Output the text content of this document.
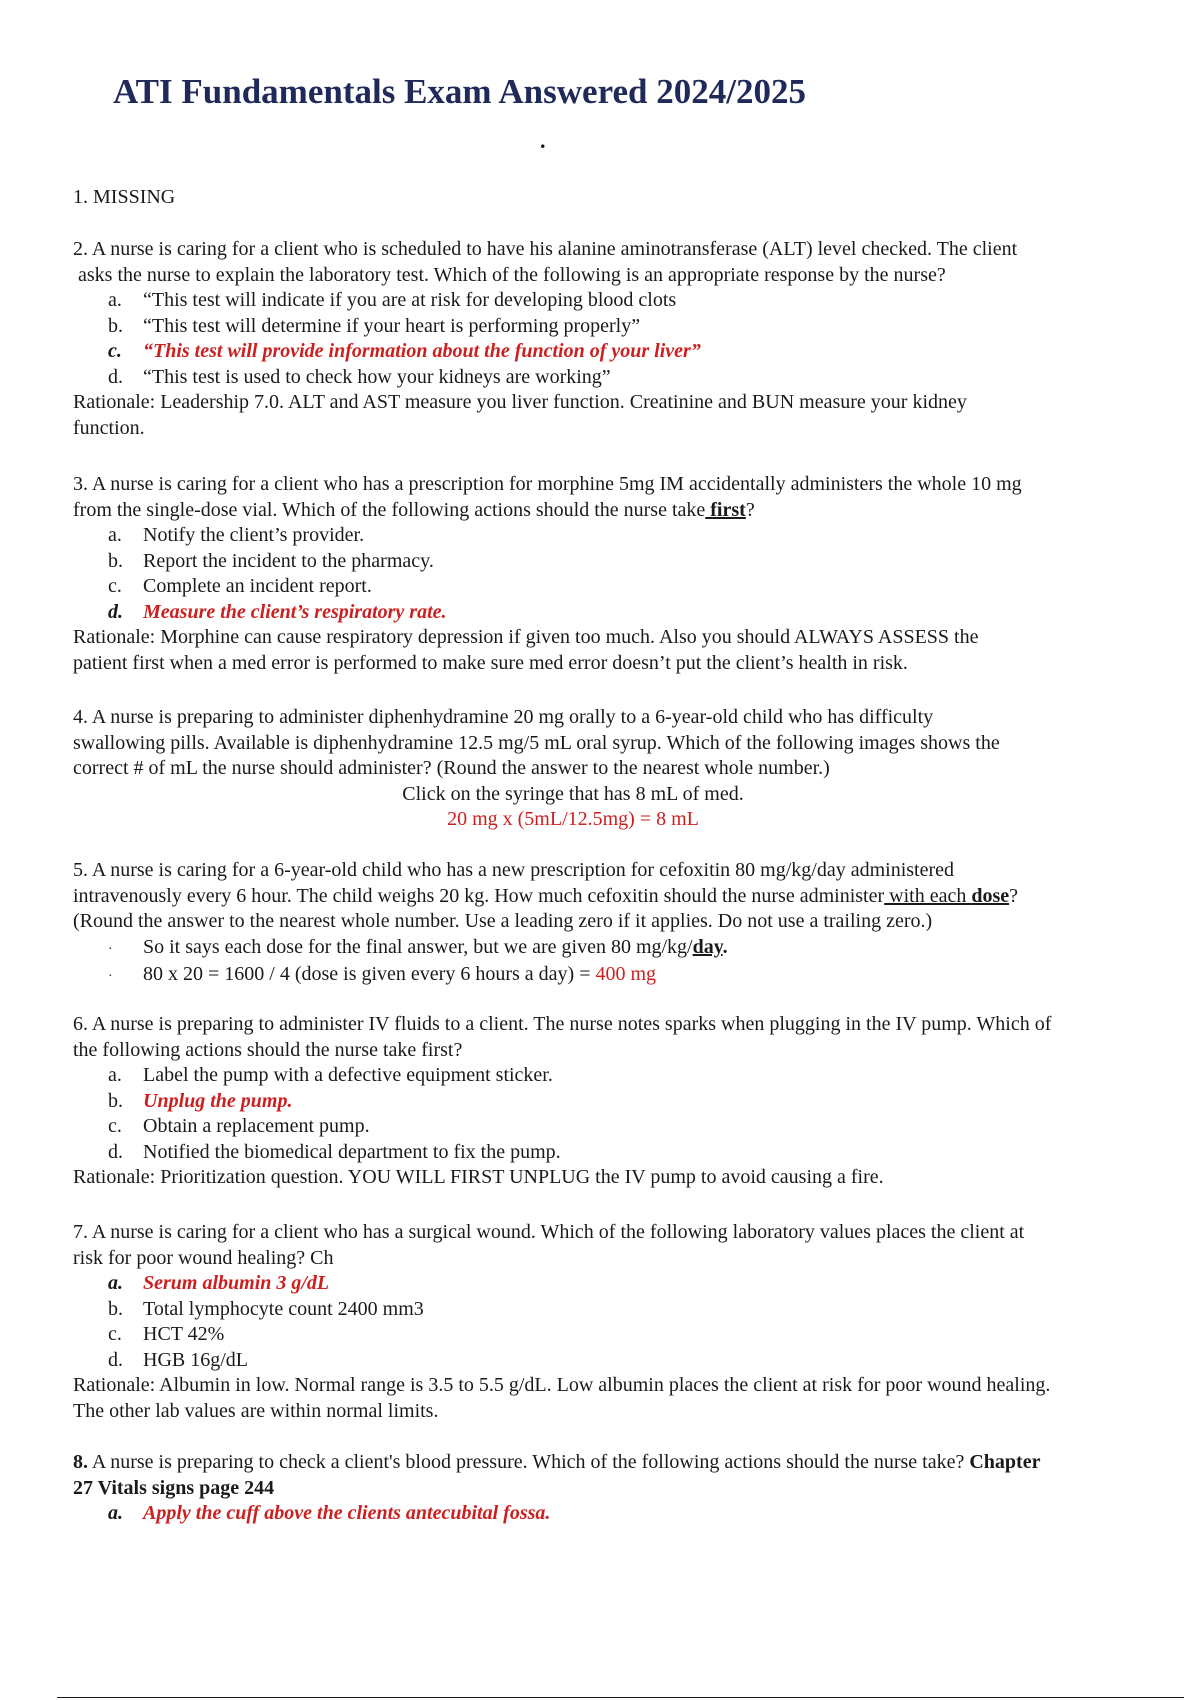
ATI Fundamentals Exam Answered 2024/2025
.

1. MISSING

2. A nurse is caring for a client who is scheduled to have his alanine aminotransferase (ALT) level checked. The client

asks the nurse to explain the laboratory test. Which of the following is an appropriate response by the nurse?

a. “This test will indicate if you are at risk for developing blood clots

b. “This test will determine if your heart is performing properly”

c. “This test will provide information about the function of your liver”

d. “This test is used to check how your kidneys are working”

Rationale: Leadership 7.0. ALT and AST measure you liver function. Creatinine and BUN measure your kidney

function.

3. A nurse is caring for a client who has a prescription for morphine 5mg IM accidentally administers the whole 10 mg

from the single-dose vial. Which of the following actions should the nurse take first?

a. Notify the client’s provider.

b. Report the incident to the pharmacy.

c. Complete an incident report.

d. Measure the client’s respiratory rate.

Rationale: Morphine can cause respiratory depression if given too much. Also you should ALWAYS ASSESS the

patient first when a med error is performed to make sure med error doesn’t put the client’s health in risk.

4. A nurse is preparing to administer diphenhydramine 20 mg orally to a 6-year-old child who has difficulty

swallowing pills. Available is diphenhydramine 12.5 mg/5 mL oral syrup. Which of the following images shows the

correct # of mL the nurse should administer? (Round the answer to the nearest whole number.)

Click on the syringe that has 8 mL of med.

20 mg x (5mL/12.5mg) = 8 mL

5. A nurse is caring for a 6-year-old child who has a new prescription for cefoxitin 80 mg/kg/day administered

intravenously every 6 hour. The child weighs 20 kg. How much cefoxitin should the nurse administer with each dose?

(Round the answer to the nearest whole number. Use a leading zero if it applies. Do not use a trailing zero.)

· So it says each dose for the final answer, but we are given 80 mg/kg/day.

· 80 x 20 = 1600 / 4 (dose is given every 6 hours a day) = 400 mg

6. A nurse is preparing to administer IV fluids to a client. The nurse notes sparks when plugging in the IV pump. Which of

the following actions should the nurse take first?

a. Label the pump with a defective equipment sticker.

b. Unplug the pump.

c. Obtain a replacement pump.

d. Notified the biomedical department to fix the pump.

Rationale: Prioritization question. YOU WILL FIRST UNPLUG the IV pump to avoid causing a fire.

7. A nurse is caring for a client who has a surgical wound. Which of the following laboratory values places the client at

risk for poor wound healing? Ch

a. Serum albumin 3 g/dL

b. Total lymphocyte count 2400 mm3

c. HCT 42%

d. HGB 16g/dL

Rationale: Albumin in low. Normal range is 3.5 to 5.5 g/dL. Low albumin places the client at risk for poor wound healing.

The other lab values are within normal limits.

8. A nurse is preparing to check a client's blood pressure. Which of the following actions should the nurse take? Chapter

27 Vitals signs page 244

a. Apply the cuff above the clients antecubital fossa.
